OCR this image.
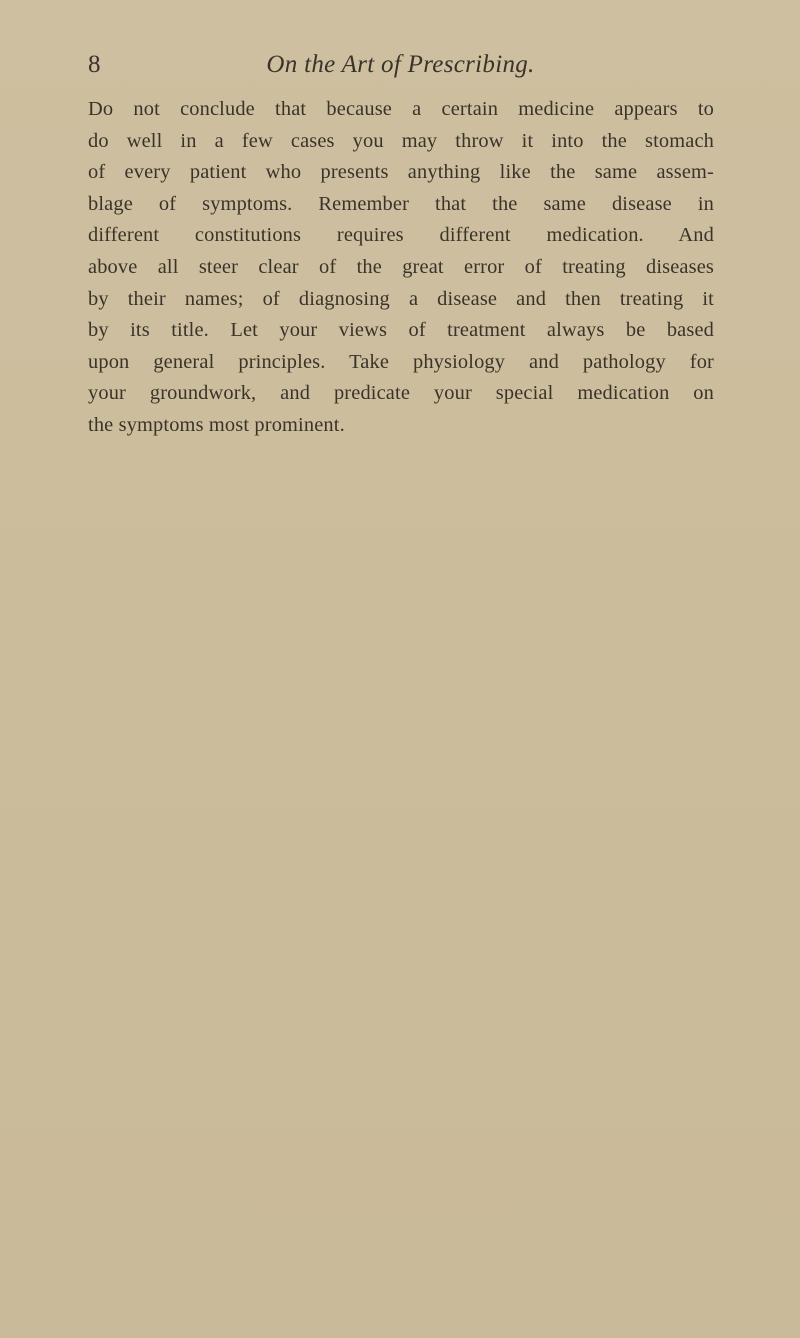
8	On the Art of Prescribing.

Do not conclude that because a certain medicine appears to
do well in a few cases you may throw it into the stomach
of every patient who presents anything like the same assem-
blage of symptoms. Remember that the same disease in
different constitutions requires different medication. And
above all steer clear of the great error of treating diseases
by their names; of diagnosing a disease and then treating it
by its title. Let your views of treatment always be based
upon general principles. Take physiology and pathology for
your groundwork, and predicate your special medication on
the symptoms most prominent.
